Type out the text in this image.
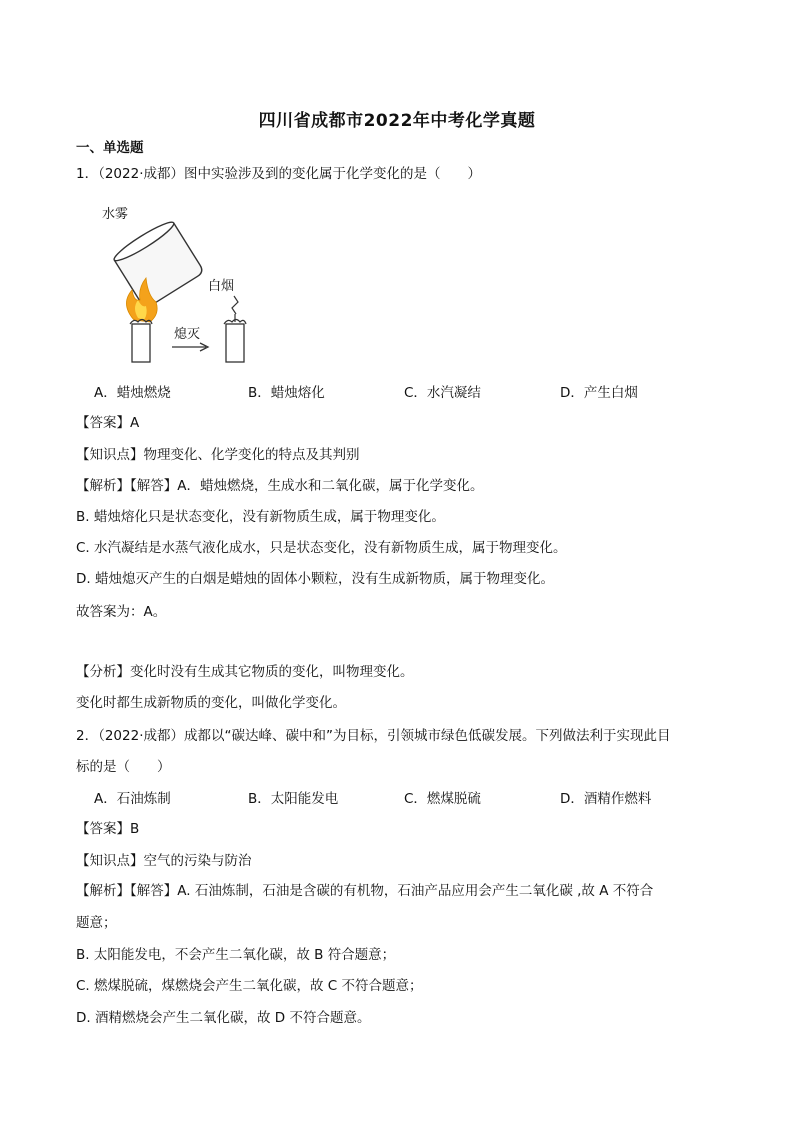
四川省成都市2022年中考化学真题
一、单选题
1．（2022·成都）图中实验涉及到的变化属于化学变化的是（　　）
水雾
熄灭
白烟
A．蜡烛燃烧	B．蜡烛熔化	C．水汽凝结	D．产生白烟
【答案】A
【知识点】物理变化、化学变化的特点及其判别
【解析】【解答】A．蜡烛燃烧，生成水和二氧化碳，属于化学变化。
B. 蜡烛熔化只是状态变化，没有新物质生成，属于物理变化。
C. 水汽凝结是水蒸气液化成水，只是状态变化，没有新物质生成，属于物理变化。
D. 蜡烛熄灭产生的白烟是蜡烛的固体小颗粒，没有生成新物质，属于物理变化。
故答案为：A。
【分析】变化时没有生成其它物质的变化，叫物理变化。
变化时都生成新物质的变化，叫做化学变化。
2．（2022·成都）成都以“碳达峰、碳中和”为目标，引领城市绿色低碳发展。下列做法利于实现此目
标的是（　　）
A．石油炼制	B．太阳能发电	C．燃煤脱硫	D．酒精作燃料
【答案】B
【知识点】空气的污染与防治
【解析】【解答】A. 石油炼制，石油是含碳的有机物，石油产品应用会产生二氧化碳 ,故 A 不符合
题意；
B. 太阳能发电，不会产生二氧化碳，故 B 符合题意；
C. 燃煤脱硫，煤燃烧会产生二氧化碳，故 C 不符合题意；
D. 酒精燃烧会产生二氧化碳，故 D 不符合题意。
